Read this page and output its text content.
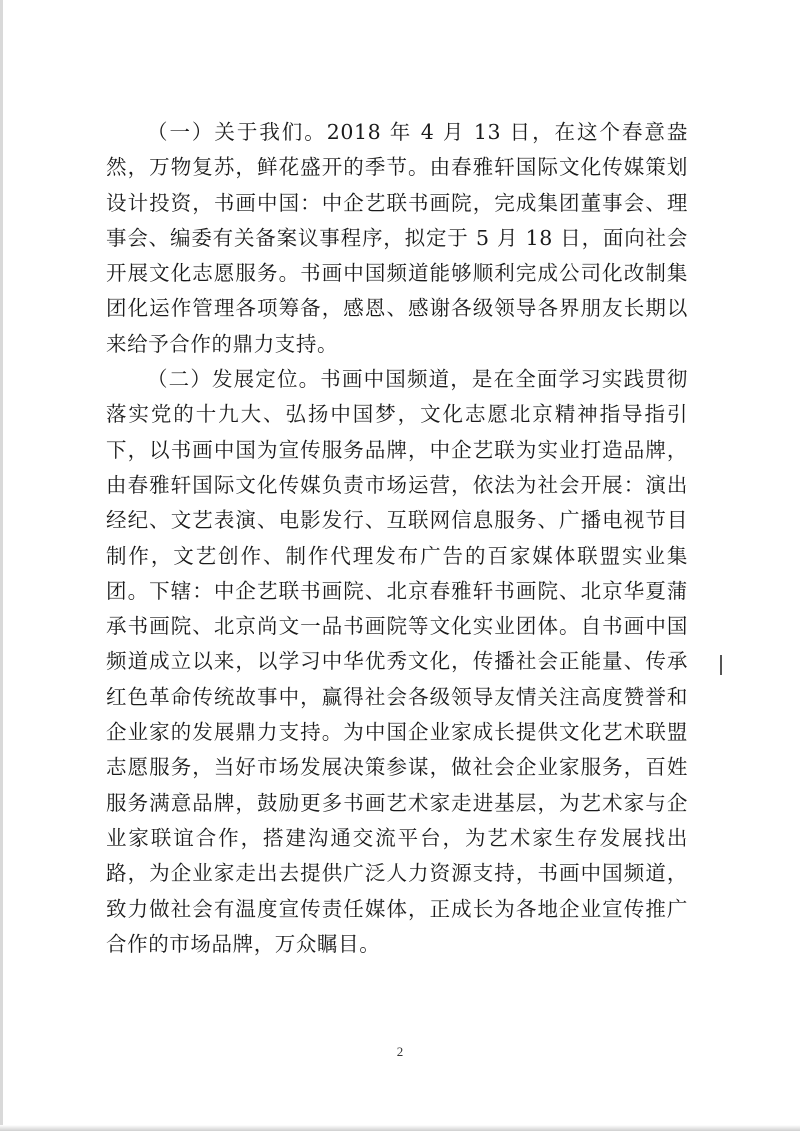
（一）关于我们。2018 年 4 月 13 日，在这个春意盎然，万物复苏，鲜花盛开的季节。由春雅轩国际文化传媒策划设计投资，书画中国：中企艺联书画院，完成集团董事会、理事会、编委有关备案议事程序，拟定于 5 月 18 日，面向社会开展文化志愿服务。书画中国频道能够顺利完成公司化改制集团化运作管理各项筹备，感恩、感谢各级领导各界朋友长期以来给予合作的鼎力支持。

（二）发展定位。书画中国频道，是在全面学习实践贯彻落实党的十九大、弘扬中国梦，文化志愿北京精神指导指引下，以书画中国为宣传服务品牌，中企艺联为实业打造品牌，由春雅轩国际文化传媒负责市场运营，依法为社会开展：演出经纪、文艺表演、电影发行、互联网信息服务、广播电视节目制作，文艺创作、制作代理发布广告的百家媒体联盟实业集团。下辖：中企艺联书画院、北京春雅轩书画院、北京华夏蒲承书画院、北京尚文一品书画院等文化实业团体。自书画中国频道成立以来，以学习中华优秀文化，传播社会正能量、传承红色革命传统故事中，赢得社会各级领导友情关注高度赞誉和企业家的发展鼎力支持。为中国企业家成长提供文化艺术联盟志愿服务，当好市场发展决策参谋，做社会企业家服务，百姓服务满意品牌，鼓励更多书画艺术家走进基层，为艺术家与企业家联谊合作，搭建沟通交流平台，为艺术家生存发展找出路，为企业家走出去提供广泛人力资源支持，书画中国频道，致力做社会有温度宣传责任媒体，正成长为各地企业宣传推广合作的市场品牌，万众瞩目。

2
